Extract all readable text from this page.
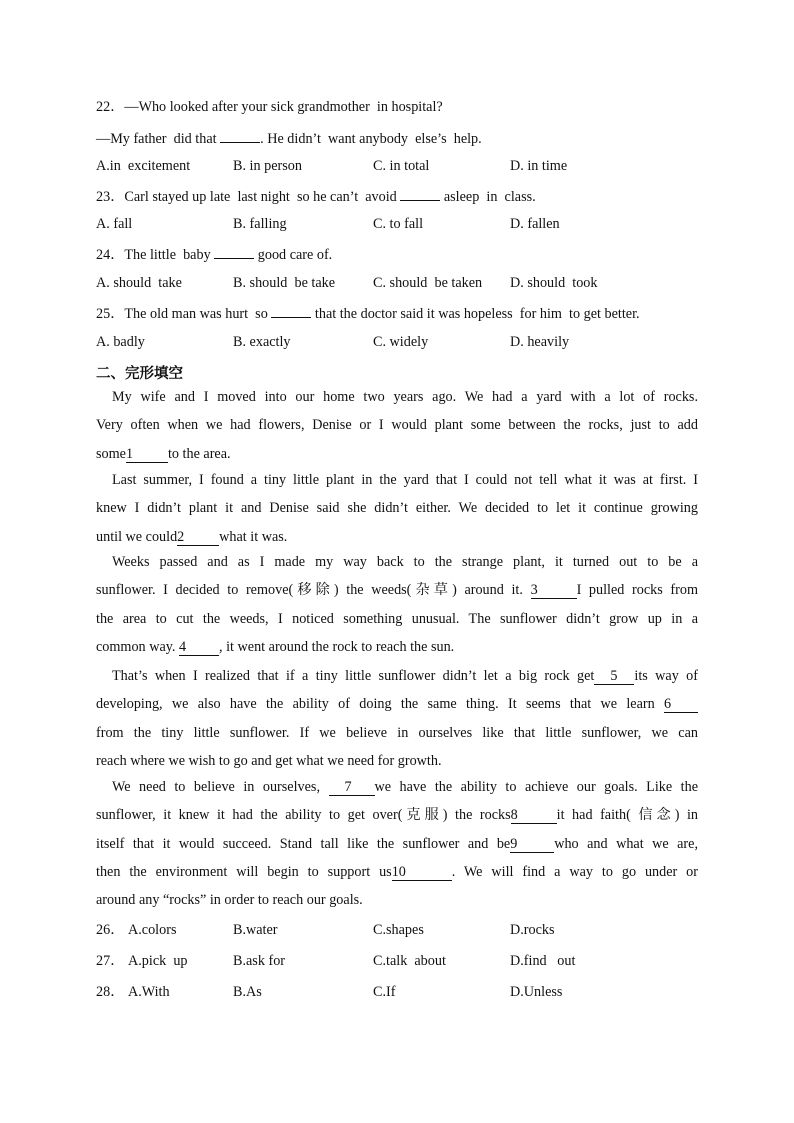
22．―Who looked after your sick grandmother  in hospital?
―My father  did that	. He didn’t  want anybody  else’s  help.
A.in  excitement	B. in person	C. in total	D. in time
23．Carl stayed up late  last night  so he can’t  avoid	asleep  in  class.
A. fall	B. falling	C. to fall	D. fallen
24．The little  baby	good care of.
A. should  take	B. should  be take	C. should  be taken D. should  took
25．The old man was hurt  so	that the doctor said it was hopeless  for him  to get better.
A. badly	B. exactly	C. widely	D. heavily
二、完形填空
My wife and I moved into our home two years ago. We had a yard with a lot of rocks.
Very often when we had flowers, Denise or I would plant some between the rocks, just to add
some1 to the area.
Last summer, I found a tiny little plant in the yard that I could not tell what it was at first. I
knew I didn’t plant it and Denise said she didn’t either. We decided to let it continue growing
until we could2 what it was.
Weeks passed and as I made my way back to the strange plant, it turned out to be a
sunflower. I decided to remove(移除) the weeds(杂草) around it. 3	I pulled rocks from
the area to cut the weeds, I noticed something unusual. The sunflower didn’t grow up in a
common way. 4 , it went around the rock to reach the sun.
That’s when I realized that if a tiny little sunflower didn’t let a big rock get 5 its way of
developing, we also have the ability of doing the same thing. It seems that we learn 6
from the tiny little sunflower. If we believe in ourselves like that little sunflower, we can
reach where we wish to go and get what we need for growth.
We need to believe in ourselves, 7 we have the ability to achieve our goals. Like the
sunflower, it knew it had the ability to get over(克服) the rocks8	it had faith( 信念) in
itself that it would succeed. Stand tall like the sunflower and be9	who and what we are,
then the environment will begin to support us10	. We will find a way to go under or
around any “rocks” in order to reach our goals.
26． A.colors	B.water	C.shapes	D.rocks
27． A.pick  up	B.ask for	C.talk  about	D.find   out
28． A.With	B.As	C.If	D.Unless
